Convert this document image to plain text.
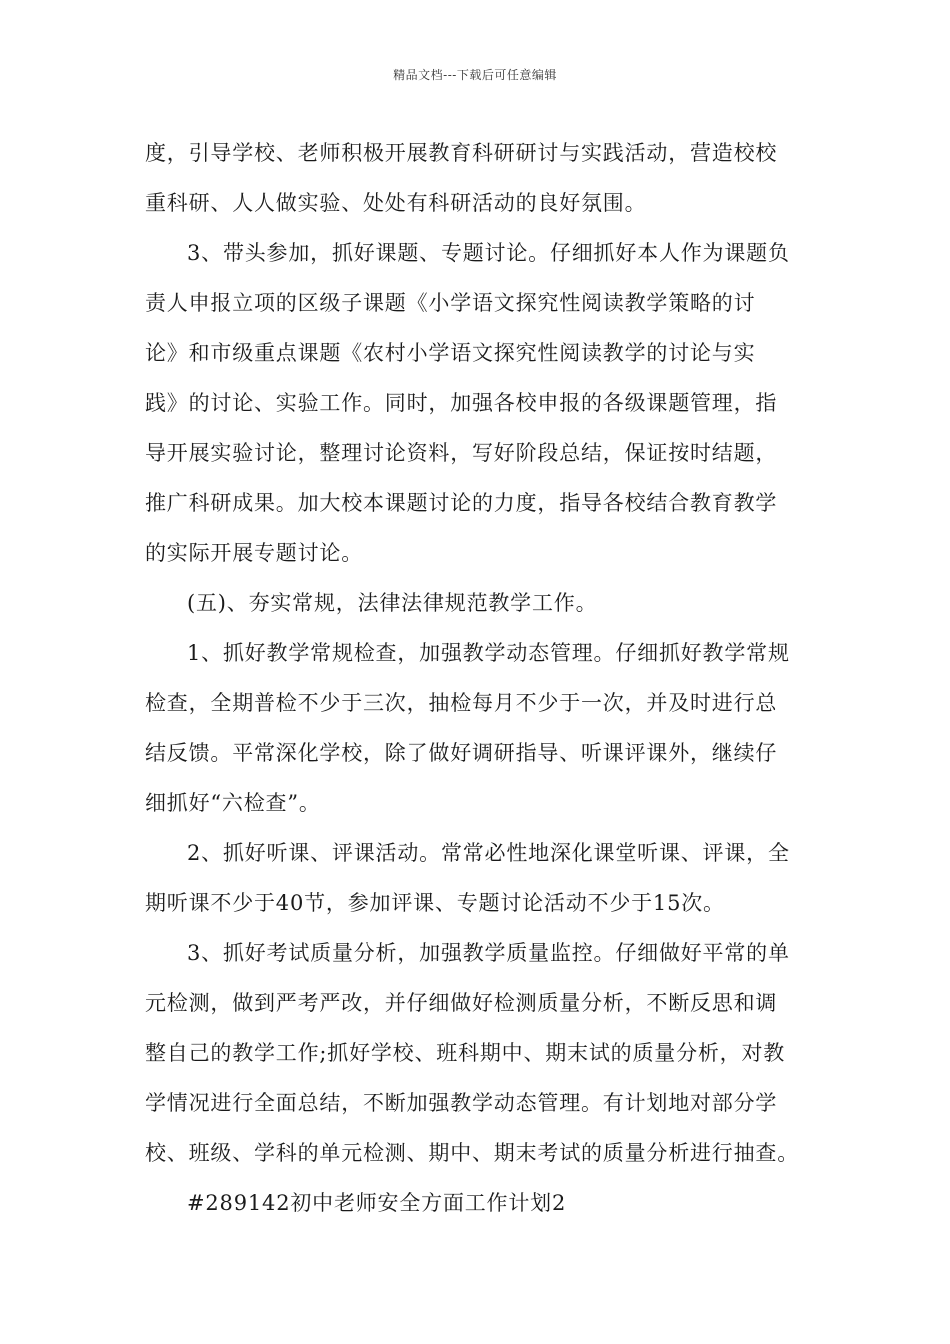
精品文档---下载后可任意编辑
度，引导学校、老师积极开展教育科研研讨与实践活动，营造校校
重科研、人人做实验、处处有科研活动的良好氛围。
3、带头参加，抓好课题、专题讨论。仔细抓好本人作为课题负
责人申报立项的区级子课题《小学语文探究性阅读教学策略的讨
论》和市级重点课题《农村小学语文探究性阅读教学的讨论与实
践》的讨论、实验工作。同时，加强各校申报的各级课题管理，指
导开展实验讨论，整理讨论资料，写好阶段总结，保证按时结题，
推广科研成果。加大校本课题讨论的力度，指导各校结合教育教学
的实际开展专题讨论。
(五)、夯实常规，法律法律规范教学工作。
1、抓好教学常规检查，加强教学动态管理。仔细抓好教学常规
检查，全期普检不少于三次，抽检每月不少于一次，并及时进行总
结反馈。平常深化学校，除了做好调研指导、听课评课外，继续仔
细抓好“六检查”。
2、抓好听课、评课活动。常常必性地深化课堂听课、评课，全
期听课不少于40节，参加评课、专题讨论活动不少于15次。
3、抓好考试质量分析，加强教学质量监控。仔细做好平常的单
元检测，做到严考严改，并仔细做好检测质量分析，不断反思和调
整自己的教学工作;抓好学校、班科期中、期末试的质量分析，对教
学情况进行全面总结，不断加强教学动态管理。有计划地对部分学
校、班级、学科的单元检测、期中、期末考试的质量分析进行抽查。
#289142初中老师安全方面工作计划2
